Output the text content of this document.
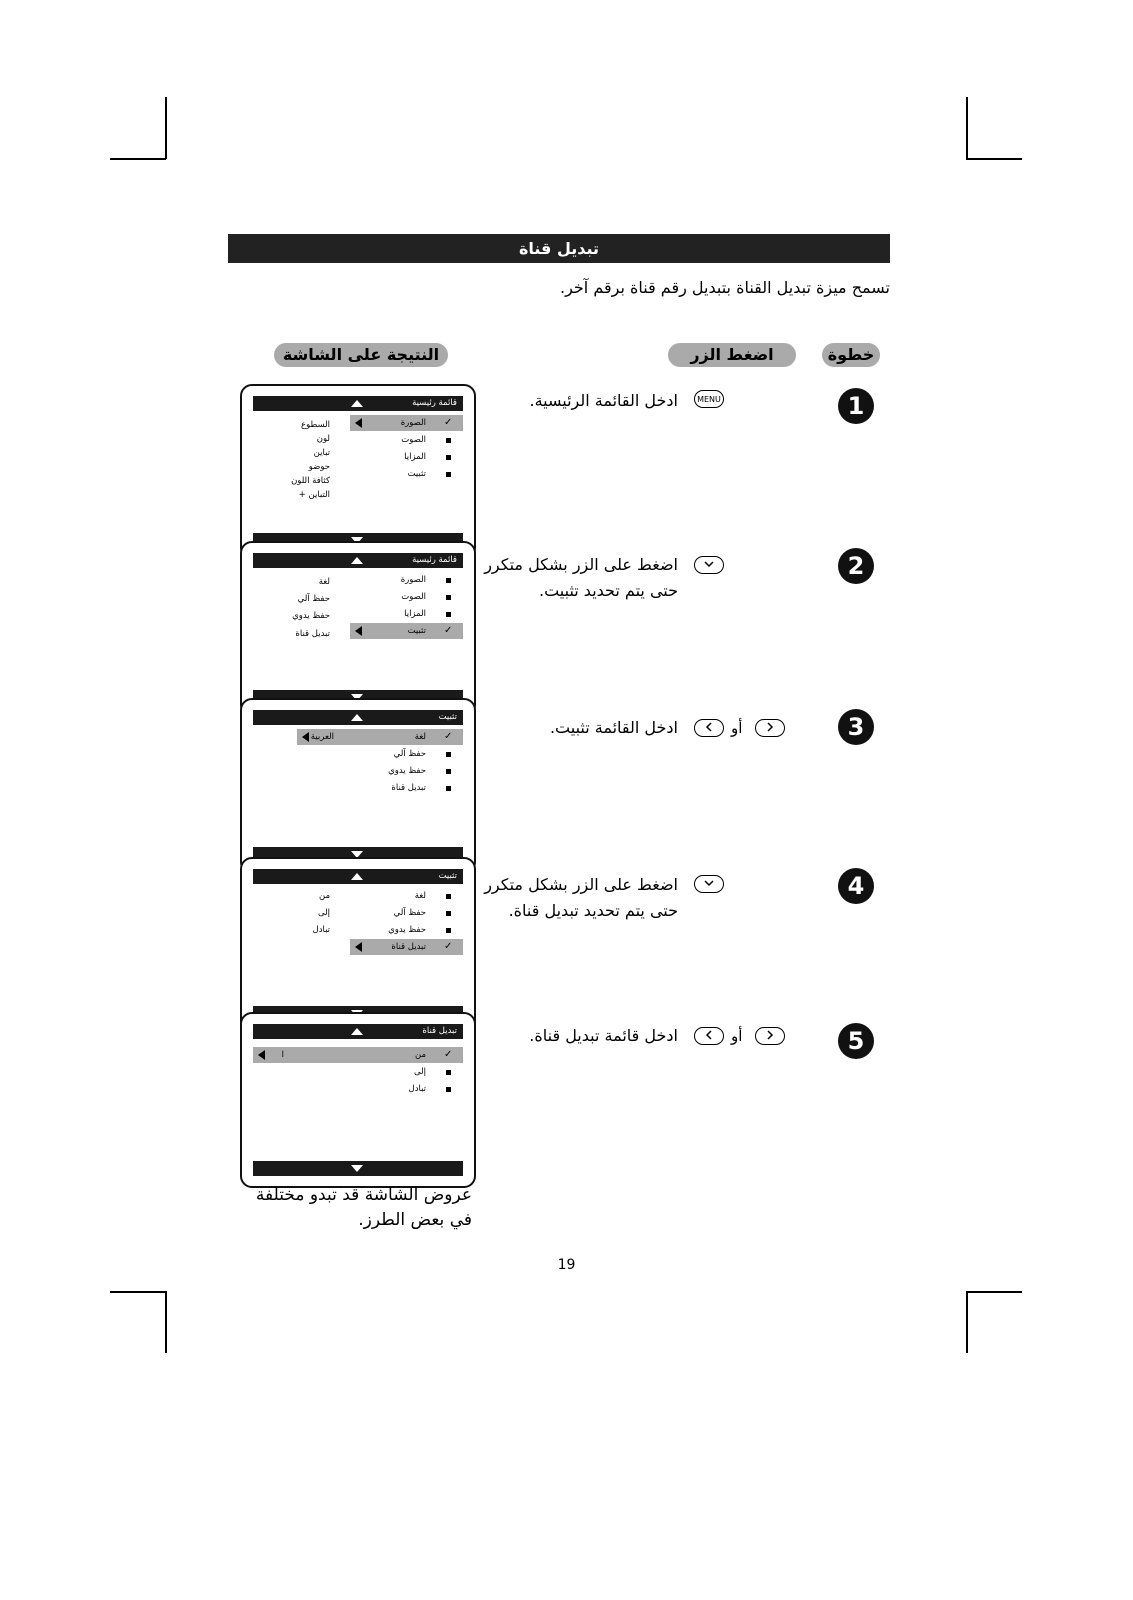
تبديل قناة
تسمح ميزة تبديل القناة بتبديل رقم قناة برقم آخر.
خطوة
اضغط الزر
النتيجة على الشاشة
1
2
3
4
5
MENU
أو
أو
ادخل القائمة الرئيسية.
اضغط على الزر بشكل متكرر
حتى يتم تحديد تثبيت.
ادخل القائمة تثبيت.
اضغط على الزر بشكل متكرر
حتى يتم تحديد تبديل قناة.
ادخل قائمة تبديل قناة.
قائمة رئيسية
✓
الصورة
الصوت
المزايا
تثبيت
السطوع
لون
تباين
حوضو
كثافة اللون
التباين +
قائمة رئيسية
الصورة
الصوت
المزايا
✓
تثبيت
لغة
حفظ آلي
حفظ يدوي
تبديل قناة
تثبيت
✓
لغة
العربية
حفظ آلي
حفظ يدوي
تبديل قناة
تثبيت
لغة
حفظ آلي
حفظ يدوي
✓
تبديل قناة
من
إلى
تبادل
تبديل قناة
✓
من
ا
إلى
تبادل
عروض الشاشة قد تبدو مختلفة في بعض الطرز.
19
